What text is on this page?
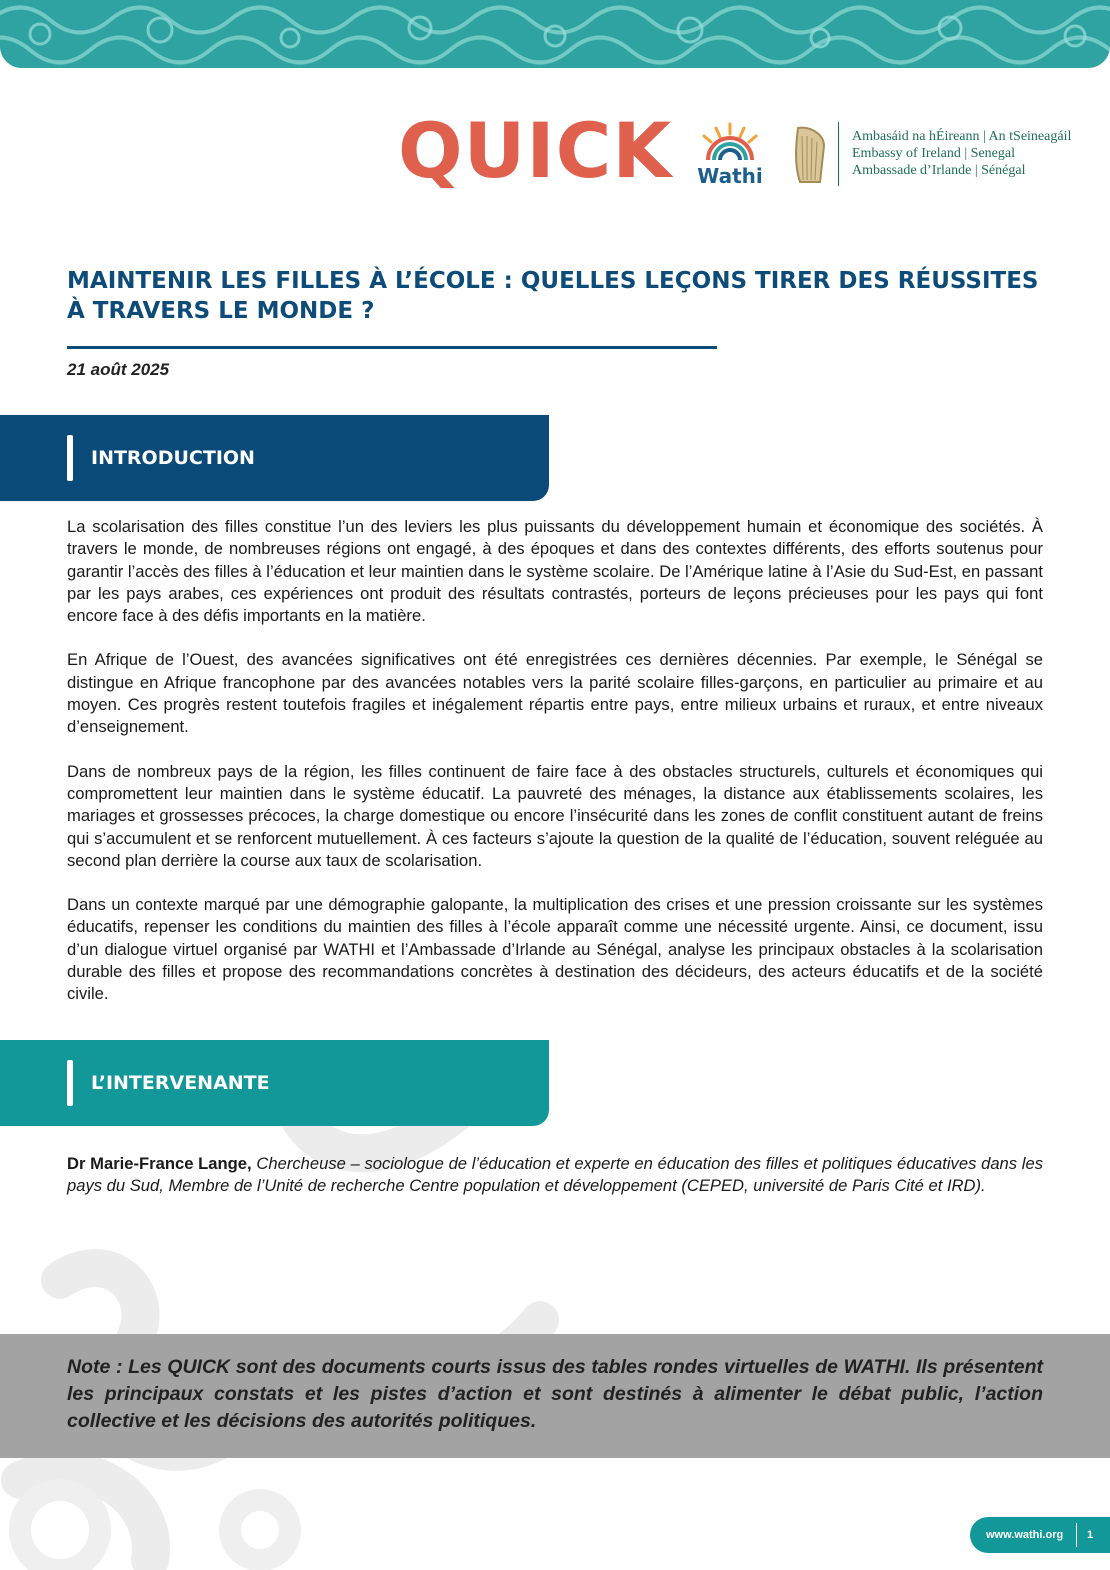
QUICK Wathi
Ambasáid na hÉireann | An tSeineagáil
Embassy of Ireland | Senegal
Ambassade d’Irlande | Sénégal
MAINTENIR LES FILLES À L’ÉCOLE : QUELLES LEÇONS TIRER DES RÉUSSITES À TRAVERS LE MONDE ?
21 août 2025
INTRODUCTION

La scolarisation des filles constitue l’un des leviers les plus puissants du développement humain et économique des sociétés. À travers le monde, de nombreuses régions ont engagé, à des époques et dans des contextes différents, des efforts soutenus pour garantir l’accès des filles à l’éducation et leur maintien dans le système scolaire. De l’Amérique latine à l’Asie du Sud-Est, en passant par les pays arabes, ces expériences ont produit des résultats contrastés, porteurs de leçons précieuses pour les pays qui font encore face à des défis importants en la matière.

En Afrique de l’Ouest, des avancées significatives ont été enregistrées ces dernières décennies. Par exemple, le Sénégal se distingue en Afrique francophone par des avancées notables vers la parité scolaire filles-garçons, en particulier au primaire et au moyen. Ces progrès restent toutefois fragiles et inégalement répartis entre pays, entre milieux urbains et ruraux, et entre niveaux d’enseignement.

Dans de nombreux pays de la région, les filles continuent de faire face à des obstacles structurels, culturels et économiques qui compromettent leur maintien dans le système éducatif. La pauvreté des ménages, la distance aux établissements scolaires, les mariages et grossesses précoces, la charge domestique ou encore l’insécurité dans les zones de conflit constituent autant de freins qui s’accumulent et se renforcent mutuellement. À ces facteurs s’ajoute la question de la qualité de l’éducation, souvent reléguée au second plan derrière la course aux taux de scolarisation.

Dans un contexte marqué par une démographie galopante, la multiplication des crises et une pression croissante sur les systèmes éducatifs, repenser les conditions du maintien des filles à l’école apparaît comme une nécessité urgente. Ainsi, ce document, issu d’un dialogue virtuel organisé par WATHI et l’Ambassade d’Irlande au Sénégal, analyse les principaux obstacles à la scolarisation durable des filles et propose des recommandations concrètes à destination des décideurs, des acteurs éducatifs et de la société civile.

L’INTERVENANTE
Dr Marie-France Lange, Chercheuse – sociologue de l’éducation et experte en éducation des filles et politiques éducatives dans les pays du Sud, Membre de l’Unité de recherche Centre population et développement (CEPED, université de Paris Cité et IRD).

Note : Les QUICK sont des documents courts issus des tables rondes virtuelles de WATHI. Ils présentent les principaux constats et les pistes d’action et sont destinés à alimenter le débat public, l’action collective et les décisions des autorités politiques.

www.wathi.org 1
